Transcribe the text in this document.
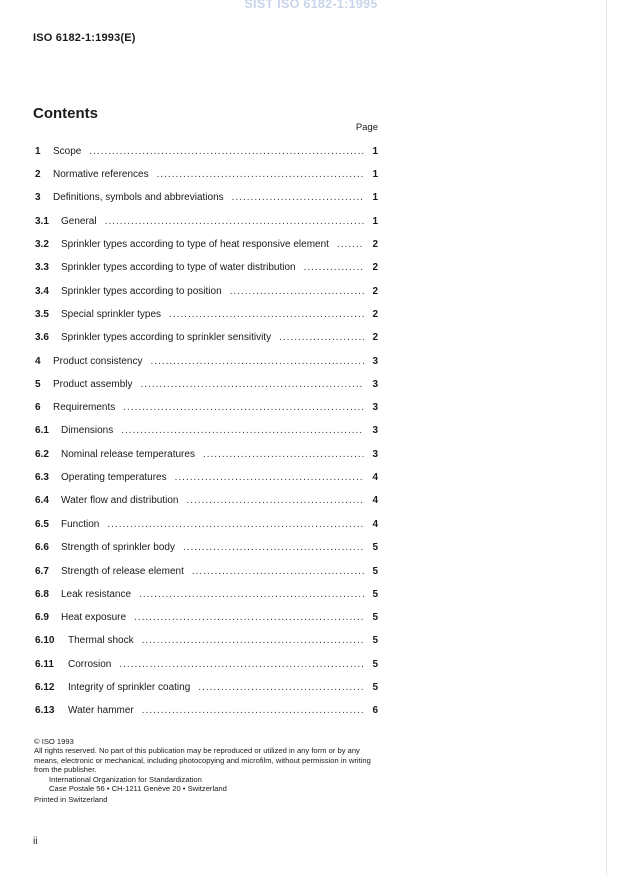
SIST ISO 6182-1:1995
ISO 6182-1:1993(E)
Contents
Page
1	Scope .....	1
2	Normative references .....	1
3	Definitions, symbols and abbreviations .....	1
3.1	General .....	1
3.2	Sprinkler types according to type of heat responsive element .....	2
3.3	Sprinkler types according to type of water distribution .....	2
3.4	Sprinkler types according to position .....	2
3.5	Special sprinkler types .....	2
3.6	Sprinkler types according to sprinkler sensitivity .....	2
4	Product consistency .....	3
5	Product assembly .....	3
6	Requirements .....	3
6.1	Dimensions .....	3
6.2	Nominal release temperatures .....	3
6.3	Operating temperatures .....	4
6.4	Water flow and distribution .....	4
6.5	Function .....	4
6.6	Strength of sprinkler body .....	5
6.7	Strength of release element .....	5
6.8	Leak resistance .....	5
6.9	Heat exposure .....	5
6.10	Thermal shock .....	5
6.11	Corrosion .....	5
6.12	Integrity of sprinkler coating .....	5
6.13	Water hammer .....	6

© ISO 1993

All rights reserved. No part of this publication may be reproduced or utilized in any form or by any means, electronic or mechanical, including photocopying and microfilm, without permission in writing from the publisher.

International Organization for Standardization

Case Postale 56 • CH-1211 Genève 20 • Switzerland

Printed in Switzerland

ii
